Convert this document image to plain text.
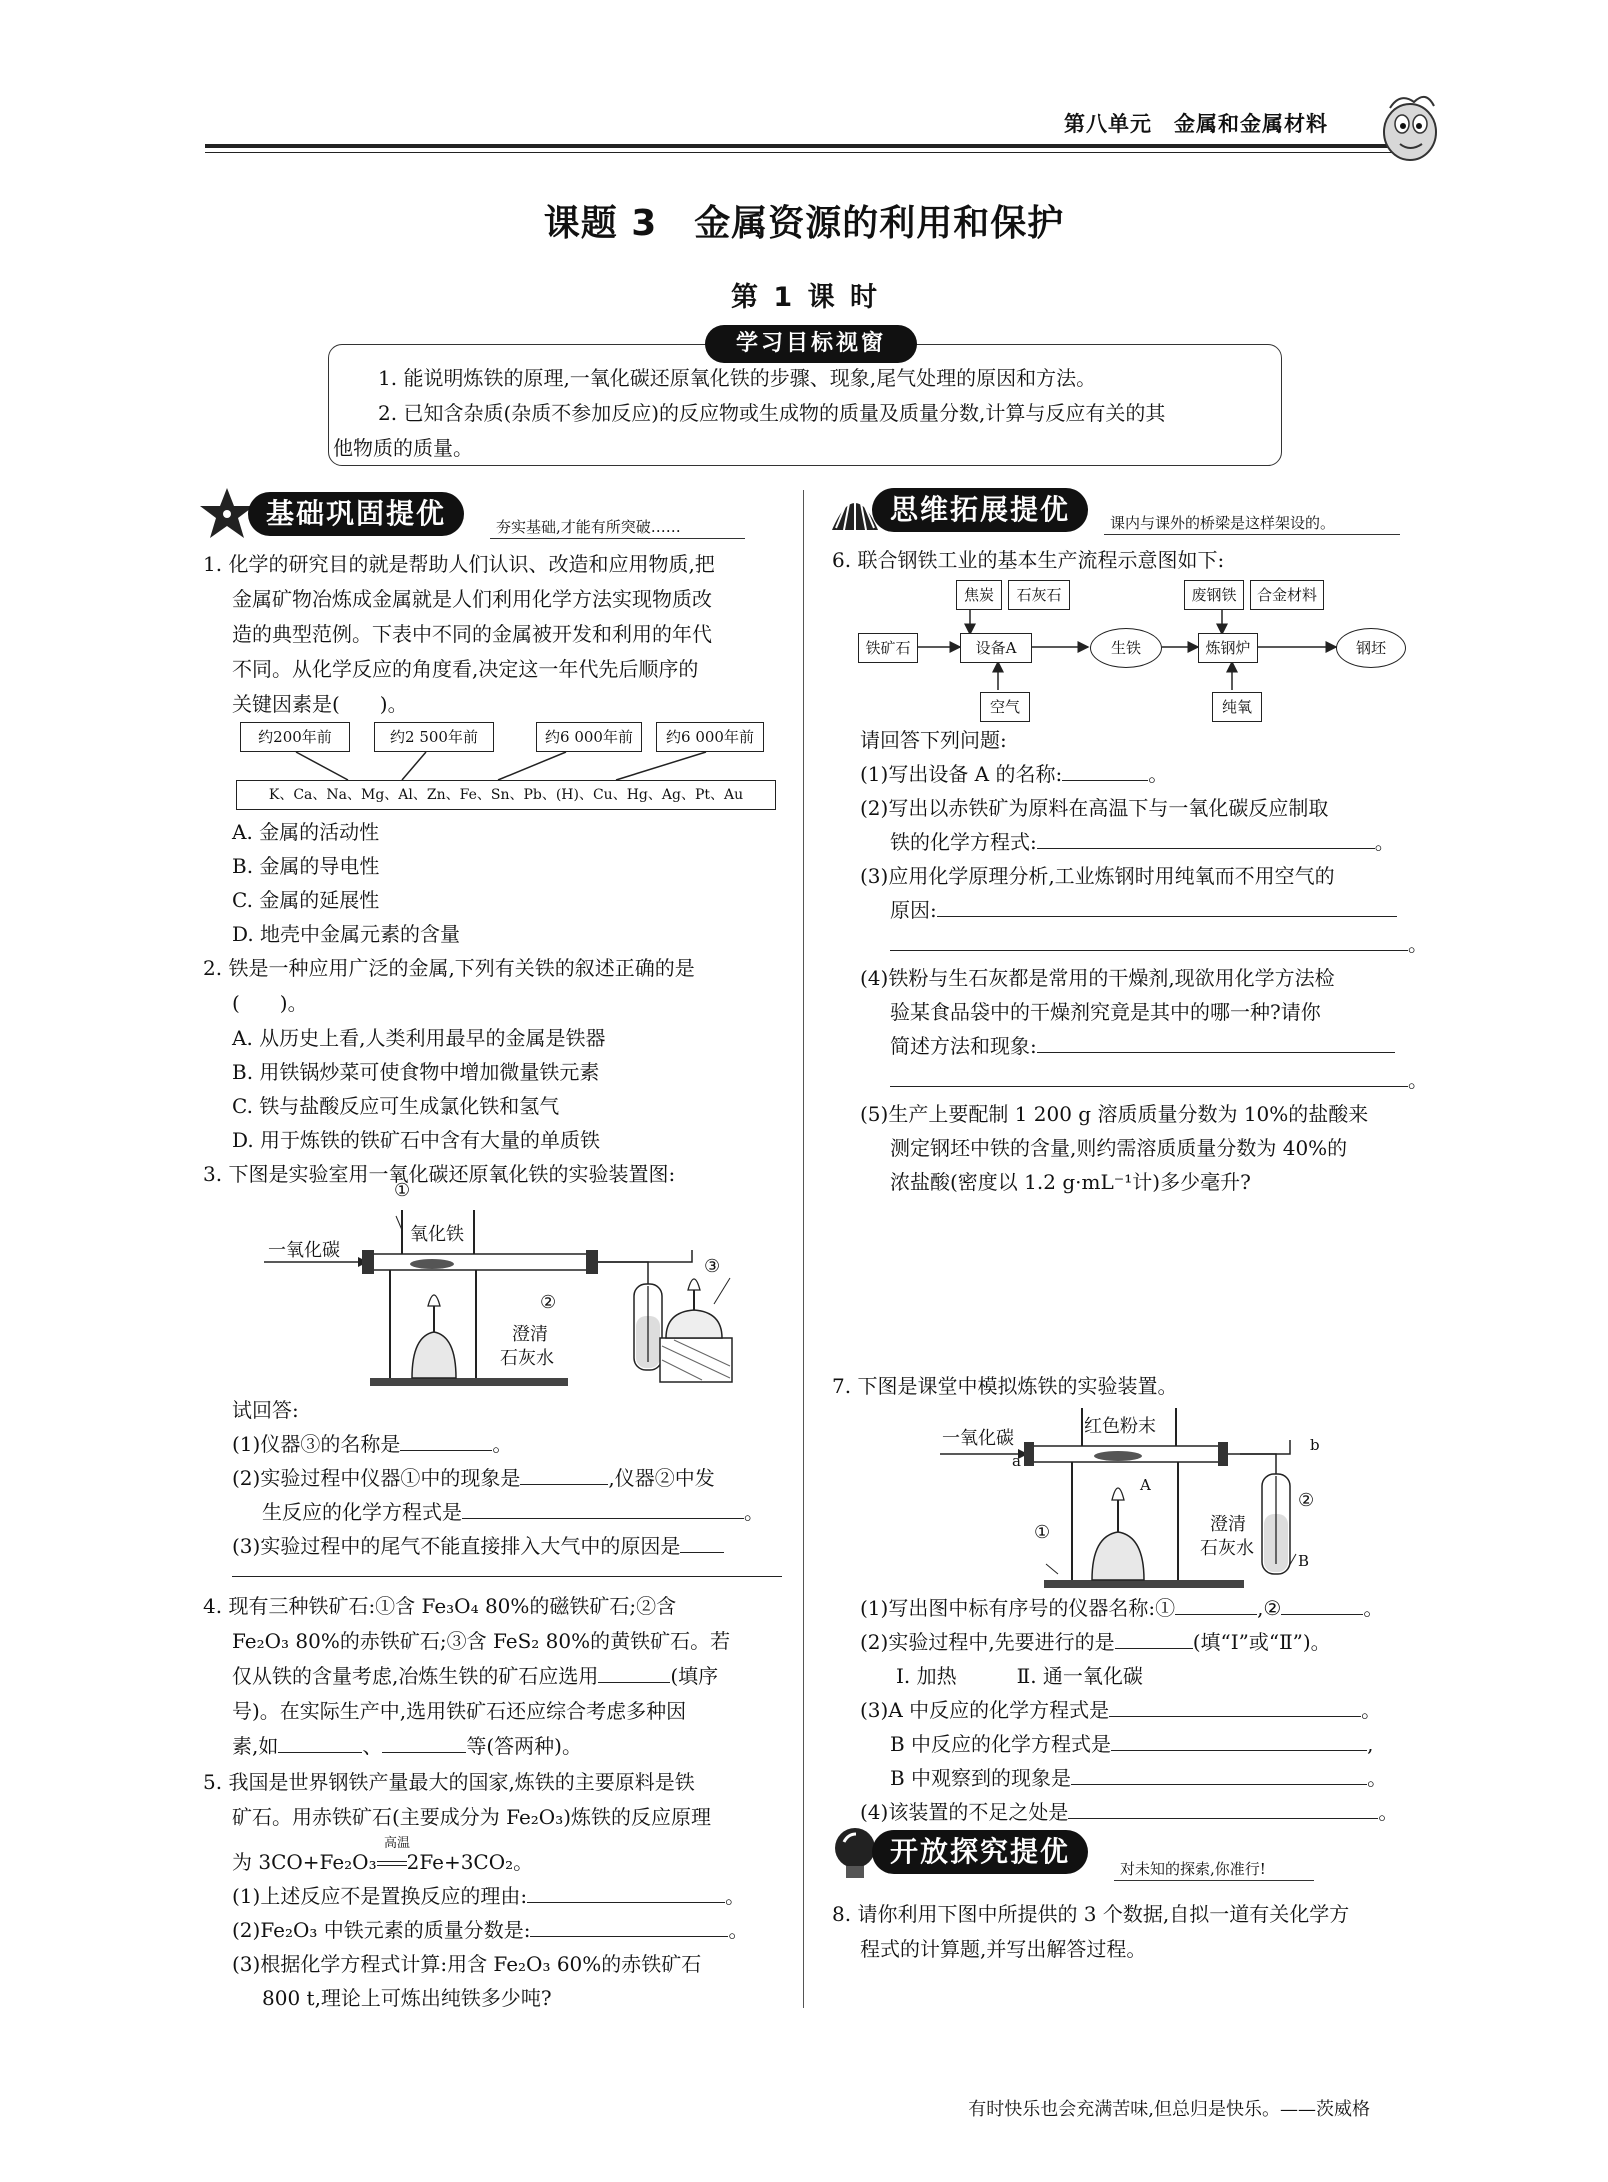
第八单元　金属和金属材料
课题 3　金属资源的利用和保护
第 1 课 时
学习目标视窗
1. 能说明炼铁的原理,一氧化碳还原氧化铁的步骤、现象,尾气处理的原因和方法。
2. 已知含杂质(杂质不参加反应)的反应物或生成物的质量及质量分数,计算与反应有关的其
他物质的质量。
基础巩固提优	夯实基础,才能有所突破……
思维拓展提优	课内与课外的桥梁是这样架设的。
开放探究提优
对未知的探索,你准行!
1. 化学的研究目的就是帮助人们认识、改造和应用物质,把
金属矿物冶炼成金属就是人们利用化学方法实现物质改
造的典型范例。下表中不同的金属被开发和利用的年代
不同。从化学反应的角度看,决定这一年代先后顺序的
关键因素是(　　)。
约200年前	约2 500年前	约6 000年前	约6 000年前
K、Ca、Na、Mg、Al、Zn、Fe、Sn、Pb、(H)、Cu、Hg、Ag、Pt、Au
A. 金属的活动性
B. 金属的导电性
C. 金属的延展性
D. 地壳中金属元素的含量
2. 铁是一种应用广泛的金属,下列有关铁的叙述正确的是
(　　)。
A. 从历史上看,人类利用最早的金属是铁器
B. 用铁锅炒菜可使食物中增加微量铁元素
C. 铁与盐酸反应可生成氯化铁和氢气
D. 用于炼铁的铁矿石中含有大量的单质铁
3. 下图是实验室用一氧化碳还原氧化铁的实验装置图:
一氧化碳
氧化铁
①
②
③
澄清
石灰水
试回答:
(1)仪器③的名称是	。
(2)实验过程中仪器①中的现象是	,仪器②中发
生反应的化学方程式是	。
(3)实验过程中的尾气不能直接排入大气中的原因是
4. 现有三种铁矿石:①含 Fe₃O₄ 80%的磁铁矿石;②含
Fe₂O₃ 80%的赤铁矿石;③含 FeS₂ 80%的黄铁矿石。若
仅从铁的含量考虑,冶炼生铁的矿石应选用	(填序
号)。在实际生产中,选用铁矿石还应综合考虑多种因
素,如	、	等(答两种)。
5. 我国是世界钢铁产量最大的国家,炼铁的主要原料是铁
矿石。用赤铁矿石(主要成分为 Fe₂O₃)炼铁的反应原理
高温
为 3CO+Fe₂O₃ 2Fe+3CO₂。
(1)上述反应不是置换反应的理由:	。
(2)Fe₂O₃ 中铁元素的质量分数是:	。
(3)根据化学方程式计算:用含 Fe₂O₃ 60%的赤铁矿石
800 t,理论上可炼出纯铁多少吨?
6. 联合钢铁工业的基本生产流程示意图如下:
焦炭	石灰石
铁矿石	设备A	生铁
废钢铁	合金材料
炼钢炉	钢坯
空气	纯氧
请回答下列问题:
(1)写出设备 A 的名称:	。
(2)写出以赤铁矿为原料在高温下与一氧化碳反应制取
铁的化学方程式:	。
(3)应用化学原理分析,工业炼钢时用纯氧而不用空气的
原因:
。
(4)铁粉与生石灰都是常用的干燥剂,现欲用化学方法检
验某食品袋中的干燥剂究竟是其中的哪一种?请你
简述方法和现象:
。
(5)生产上要配制 1 200 g 溶质质量分数为 10%的盐酸来
测定钢坯中铁的含量,则约需溶质质量分数为 40%的
浓盐酸(密度以 1.2 g·mL⁻¹计)多少毫升?
7. 下图是课堂中模拟炼铁的实验装置。
一氧化碳
a
红色粉末
A
b
①
②
B
澄清
石灰水
(1)写出图中标有序号的仪器名称:①	,②	。
(2)实验过程中,先要进行的是	(填“Ⅰ”或“Ⅱ”)。
Ⅰ. 加热　　　Ⅱ. 通一氧化碳
(3)A 中反应的化学方程式是	。
B 中反应的化学方程式是	,
B 中观察到的现象是	。
(4)该装置的不足之处是	。
8. 请你利用下图中所提供的 3 个数据,自拟一道有关化学方
程式的计算题,并写出解答过程。
有时快乐也会充满苦味,但总归是快乐。——茨威格
